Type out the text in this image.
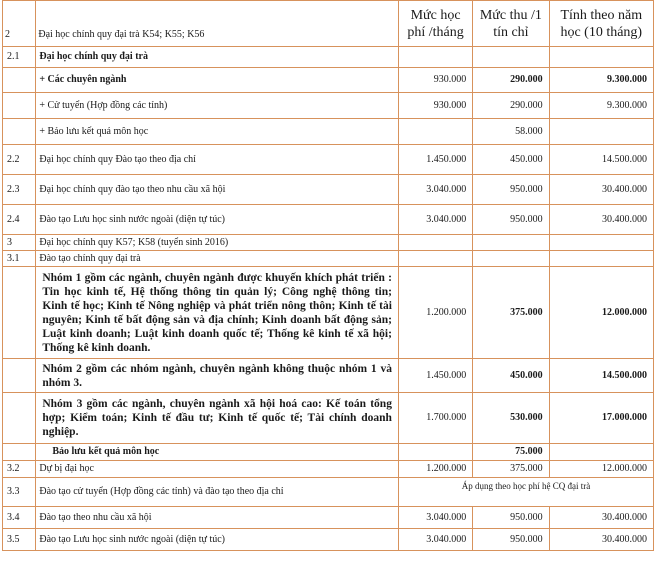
2	Đại học chính quy đại trà K54; K55; K56	Mức học phí /tháng	Mức thu /1 tín chỉ	Tính theo năm học (10 tháng)
2.1	Đại học chính quy đại trà			
	+ Các chuyên ngành	930.000	290.000	9.300.000
	+ Cử tuyển (Hợp đồng các tỉnh)	930.000	290.000	9.300.000
	+ Bảo lưu kết quả môn học		58.000	
2.2	Đại học chính quy Đào tạo theo địa chỉ	1.450.000	450.000	14.500.000
2.3	Đại học chính quy đào tạo theo nhu cầu xã hội	3.040.000	950.000	30.400.000
2.4	Đào tạo Lưu học sinh nước ngoài (diện tự túc)	3.040.000	950.000	30.400.000
3	Đại học chính quy K57; K58 (tuyển sinh 2016)			
3.1	Đào tạo chính quy đại trà			
	Nhóm 1 gồm các ngành, chuyên ngành được khuyến khích phát triển : Tin học kinh tế, Hệ thống thông tin quản lý; Công nghệ thông tin; Kinh tế học; Kinh tế Nông nghiệp và phát triển nông thôn; Kinh tế tài nguyên; Kinh tế bất động sản và địa chính; Kinh doanh bất động sản; Luật kinh doanh; Luật kinh doanh quốc tế; Thống kê kinh tế xã hội; Thống kê kinh doanh.	1.200.000	375.000	12.000.000
	Nhóm 2 gồm các nhóm ngành, chuyên ngành không thuộc nhóm 1 và nhóm 3.	1.450.000	450.000	14.500.000
	Nhóm 3 gồm các ngành, chuyên ngành xã hội hoá cao: Kế toán tổng hợp; Kiểm toán; Kinh tế đầu tư; Kinh tế quốc tế; Tài chính doanh nghiệp.	1.700.000	530.000	17.000.000
	Bảo lưu kết quả môn học		75.000	
3.2	Dự bị đại học	1.200.000	375.000	12.000.000
3.3	Đào tạo cử tuyển (Hợp đồng các tỉnh) và đào tạo theo địa chỉ	Áp dụng theo học phí hệ CQ đại trà		
3.4	Đào tạo theo nhu cầu xã hội	3.040.000	950.000	30.400.000
3.5	Đào tạo Lưu học sinh nước ngoài (diện tự túc)	3.040.000	950.000	30.400.000
